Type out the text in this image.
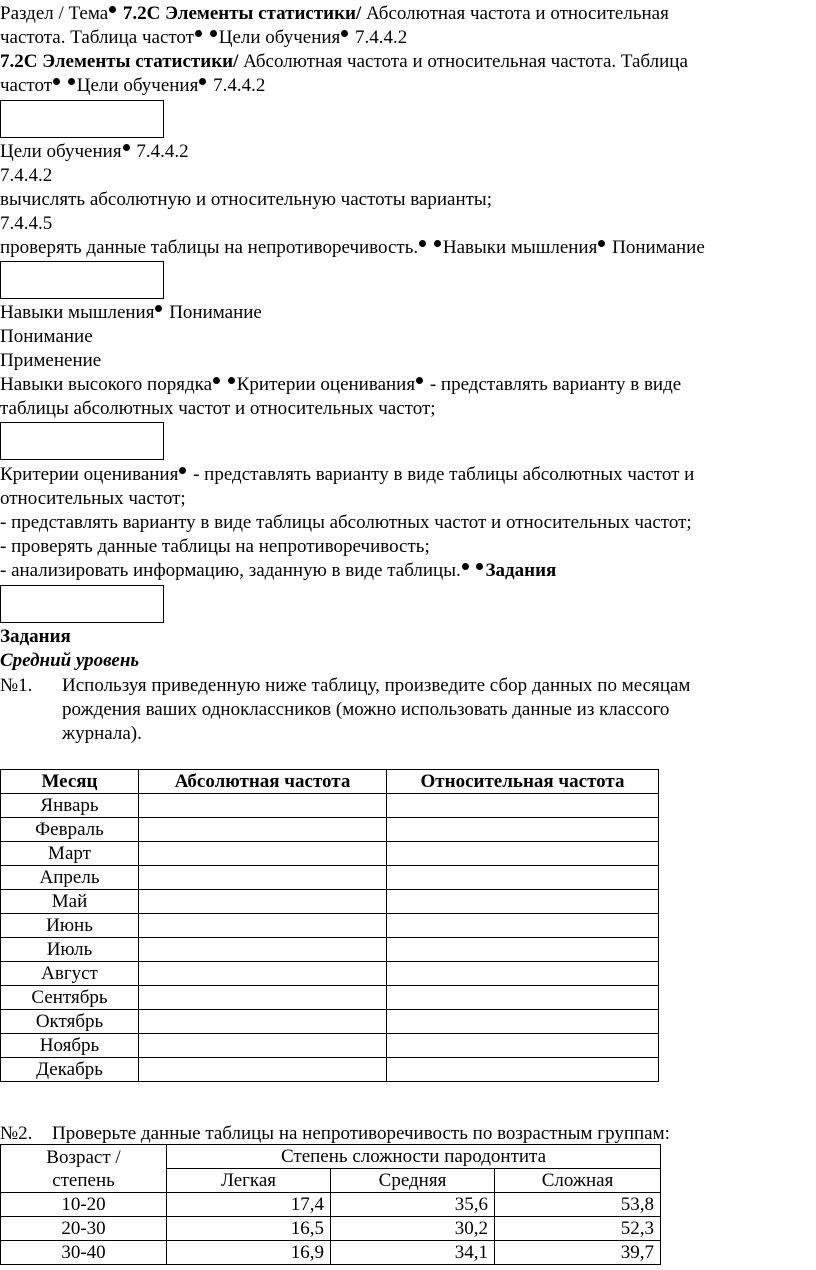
Раздел / Тема 7.2С Элементы статистики/ Абсолютная частота и относительная
частота. Таблица частот Цели обучения 7.4.4.2
7.2С Элементы статистики/ Абсолютная частота и относительная частота. Таблица
частот Цели обучения 7.4.4.2
Цели обучения 7.4.4.2
7.4.4.2
вычислять абсолютную и относительную частоты варианты;
7.4.4.5
проверять данные таблицы на непротиворечивость. Навыки мышления Понимание
Навыки мышления Понимание
Понимание
Применение
Навыки высокого порядка Критерии оценивания - представлять варианту в виде
таблицы абсолютных частот и относительных частот;
Критерии оценивания - представлять варианту в виде таблицы абсолютных частот и
относительных частот;
- представлять варианту в виде таблицы абсолютных частот и относительных частот;
- проверять данные таблицы на непротиворечивость;
- анализировать информацию, заданную в виде таблицы. Задания
Задания
Средний уровень
№1. Используя приведенную ниже таблицу, произведите сбор данных по месяцам
рождения ваших одноклассников (можно использовать данные из классого
журнала).
Месяц	Абсолютная частота	Относительная частота
Январь		
Февраль		
Март		
Апрель		
Май		
Июнь		
Июль		
Август		
Сентябрь		
Октябрь		
Ноябрь		
Декабрь		
№2. Проверьте данные таблицы на непротиворечивость по возрастным группам:
Возраст /
степень	Степень сложности пародонтита		
	Легкая	Средняя	Сложная
10-20	17,4	35,6	53,8
20-30	16,5	30,2	52,3
30-40	16,9	34,1	39,7
